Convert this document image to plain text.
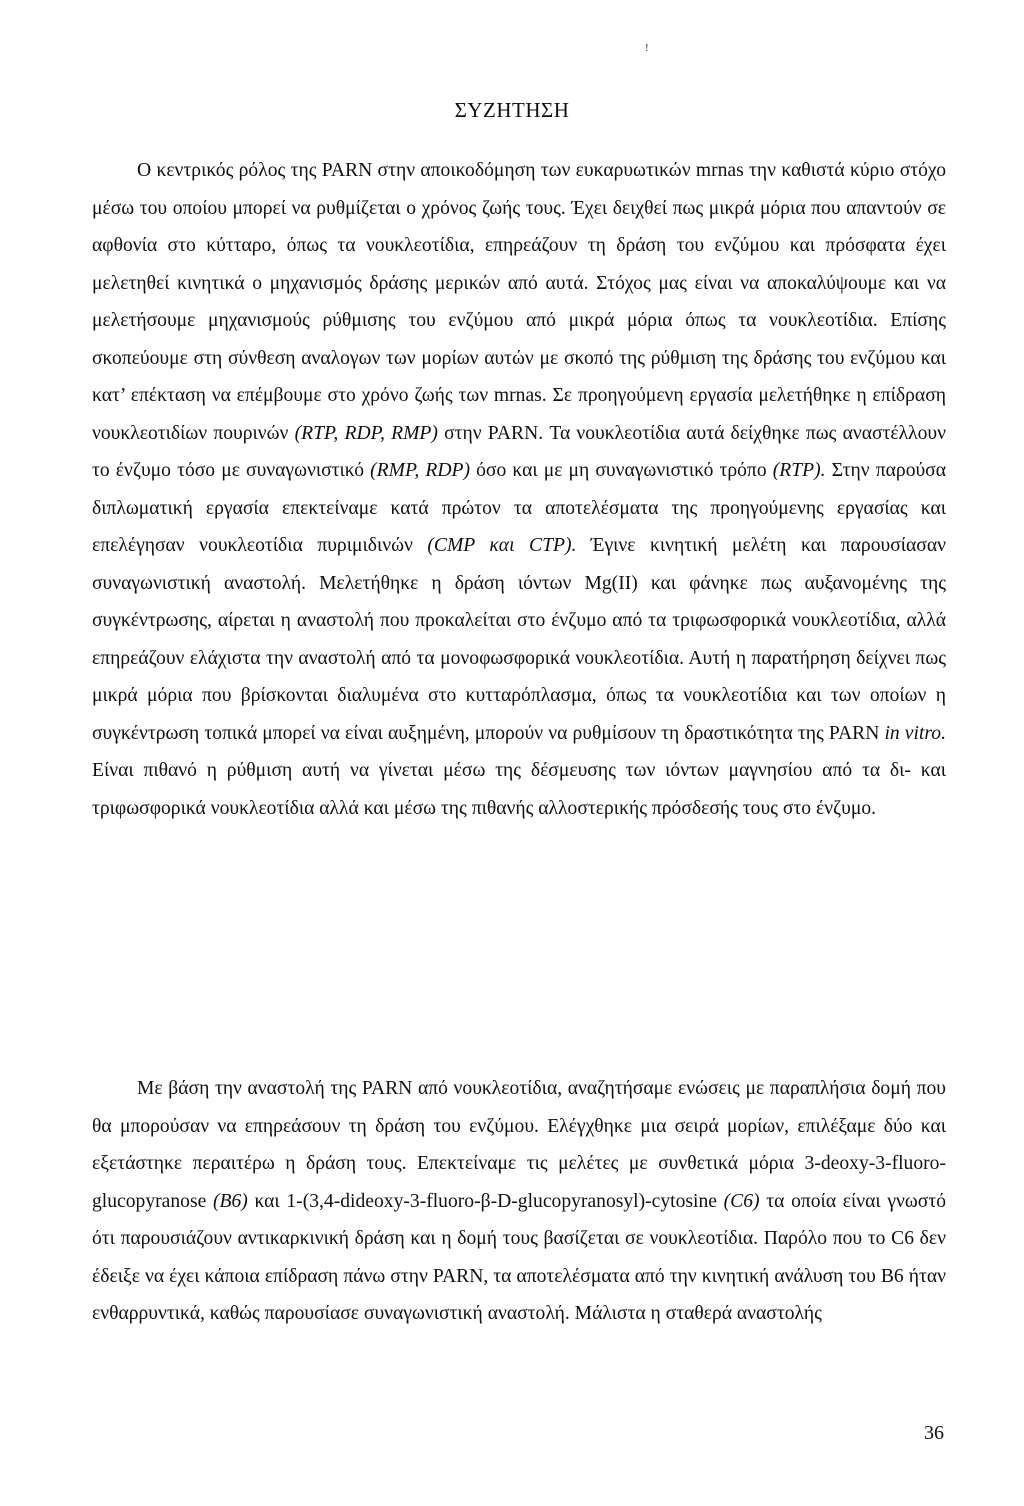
!
ΣΥΖΗΤΗΣΗ

Ο κεντρικός ρόλος της PARN στην αποικοδόμηση των ευκαρυωτικών mrnas την καθιστά κύριο στόχο μέσω του οποίου μπορεί να ρυθμίζεται ο χρόνος ζωής τους. Έχει δειχθεί πως μικρά μόρια που απαντούν σε αφθονία στο κύτταρο, όπως τα νουκλεοτίδια, επηρεάζουν τη δράση του ενζύμου και πρόσφατα έχει μελετηθεί κινητικά ο μηχανισμός δράσης μερικών από αυτά. Στόχος μας είναι να αποκαλύψουμε και να μελετήσουμε μηχανισμούς ρύθμισης του ενζύμου από μικρά μόρια όπως τα νουκλεοτίδια. Επίσης σκοπεύουμε στη σύνθεση αναλογων των μορίων αυτών με σκοπό της ρύθμιση της δράσης του ενζύμου και κατ’ επέκταση να επέμβουμε στο χρόνο ζωής των mrnas. Σε προηγούμενη εργασία μελετήθηκε η επίδραση νουκλεοτιδίων πουρινών (RTP, RDP, RMP) στην PARN. Τα νουκλεοτίδια αυτά δείχθηκε πως αναστέλλουν το ένζυμο τόσο με συναγωνιστικό (RMP, RDP) όσο και με μη συναγωνιστικό τρόπο (RTP). Στην παρούσα διπλωματική εργασία επεκτείναμε κατά πρώτον τα αποτελέσματα της προηγούμενης εργασίας και επελέγησαν νουκλεοτίδια πυριμιδινών (CMP και CTP). Έγινε κινητική μελέτη και παρουσίασαν συναγωνιστική αναστολή. Μελετήθηκε η δράση ιόντων Mg(II) και φάνηκε πως αυξανομένης της συγκέντρωσης, αίρεται η αναστολή που προκαλείται στο ένζυμο από τα τριφωσφορικά νουκλεοτίδια, αλλά επηρεάζουν ελάχιστα την αναστολή από τα μονοφωσφορικά νουκλεοτίδια. Αυτή η παρατήρηση δείχνει πως μικρά μόρια που βρίσκονται διαλυμένα στο κυτταρόπλασμα, όπως τα νουκλεοτίδια και των οποίων η συγκέντρωση τοπικά μπορεί να είναι αυξημένη, μπορούν να ρυθμίσουν τη δραστικότητα της PARN in vitro. Είναι πιθανό η ρύθμιση αυτή να γίνεται μέσω της δέσμευσης των ιόντων μαγνησίου από τα δι- και τριφωσφορικά νουκλεοτίδια αλλά και μέσω της πιθανής αλλοστερικής πρόσδεσής τους στο ένζυμο.

Με βάση την αναστολή της PARN από νουκλεοτίδια, αναζητήσαμε ενώσεις με παραπλήσια δομή που θα μπορούσαν να επηρεάσουν τη δράση του ενζύμου. Ελέγχθηκε μια σειρά μορίων, επιλέξαμε δύο και εξετάστηκε περαιτέρω η δράση τους. Επεκτείναμε τις μελέτες με συνθετικά μόρια 3-deoxy-3-fluoro-glucopyranose (B6) και 1-(3,4-dideoxy-3-fluoro-β-D-glucopyranosyl)-cytosine (C6) τα οποία είναι γνωστό ότι παρουσιάζουν αντικαρκινική δράση και η δομή τους βασίζεται σε νουκλεοτίδια. Παρόλο που το C6 δεν έδειξε να έχει κάποια επίδραση πάνω στην PARN, τα αποτελέσματα από την κινητική ανάλυση του B6 ήταν ενθαρρυντικά, καθώς παρουσίασε συναγωνιστική αναστολή. Μάλιστα η σταθερά αναστολής

36
